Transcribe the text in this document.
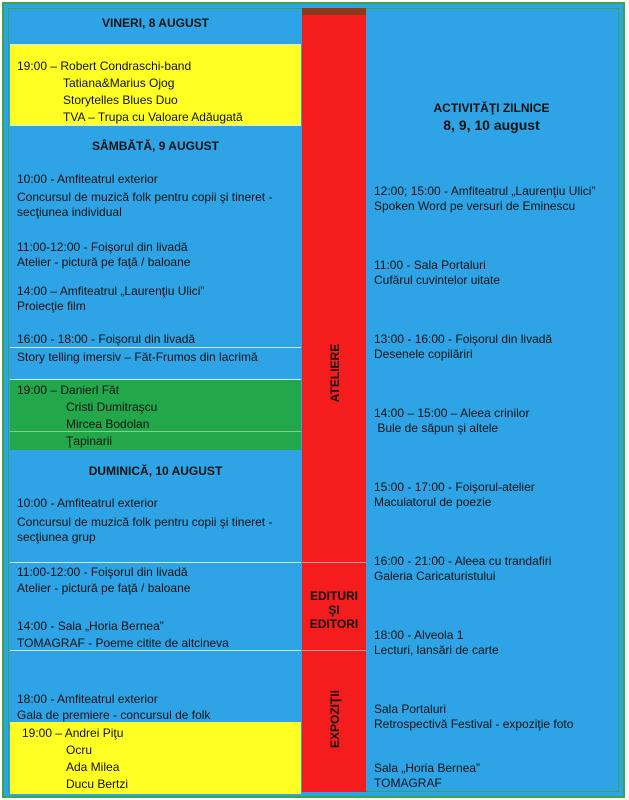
VINERI, 8 AUGUST
19:00 – Robert Condraschi-band
Tatiana&Marius Ojog
Storytelles Blues Duo
TVA – Trupa cu Valoare Adăugată
SÂMBĂTĂ, 9 AUGUST
10:00 - Amfiteatrul exterior
Concursul de muzică folk pentru copii şi tineret -
secţiunea individual
11:00-12:00 - Foişorul din livadă
Atelier - pictură pe faţă / baloane
14:00 – Amfiteatrul „Laurenţiu Ulici”
Proiecţie film
16:00 - 18:00 - Foişorul din livadă
Story telling imersiv – Făt-Frumos din lacrimă
19:00 – Danierl Făt
Cristi Dumitraşcu
Mircea Bodolan
Ţapinarii
DUMINICĂ, 10 AUGUST
10:00 - Amfiteatrul exterior
Concursul de muzică folk pentru copii şi tineret -
secţiunea grup
11:00-12:00 - Foişorul din livadă
Atelier - pictură pe faţă / baloane
14:00 - Sala „Horia Bernea”
TOMAGRAF - Poeme citite de altcineva
18:00 - Amfiteatrul exterior
Gala de premiere - concursul de folk
19:00 – Andrei Piţu
Ocru
Ada Milea
Ducu Bertzi
ATELIERE
EDITURI
ŞI
EDITORI
EXPOZIŢII
ACTIVITĂŢI ZILNICE
8, 9, 10 august
12:00; 15:00 - Amfiteatrul „Laurenţiu Ulici”
Spoken Word pe versuri de Eminescu
11:00 - Sala Portaluri
Cufărul cuvintelor uitate
13:00 - 16:00 - Foişorul din livadă
Desenele copilăriri
14:00 – 15:00 – Aleea crinilor
Bule de săpun şi altele
15:00 - 17:00 - Foişorul-atelier
Maculatorul de poezie
16:00 - 21:00 - Aleea cu trandafiri
Galeria Caricaturistului
18:00 - Alveola 1
Lecturi, lansări de carte
Sala Portaluri
Retrospectivă Festival - expoziţie foto
Sala „Horia Bernea”
TOMAGRAF
